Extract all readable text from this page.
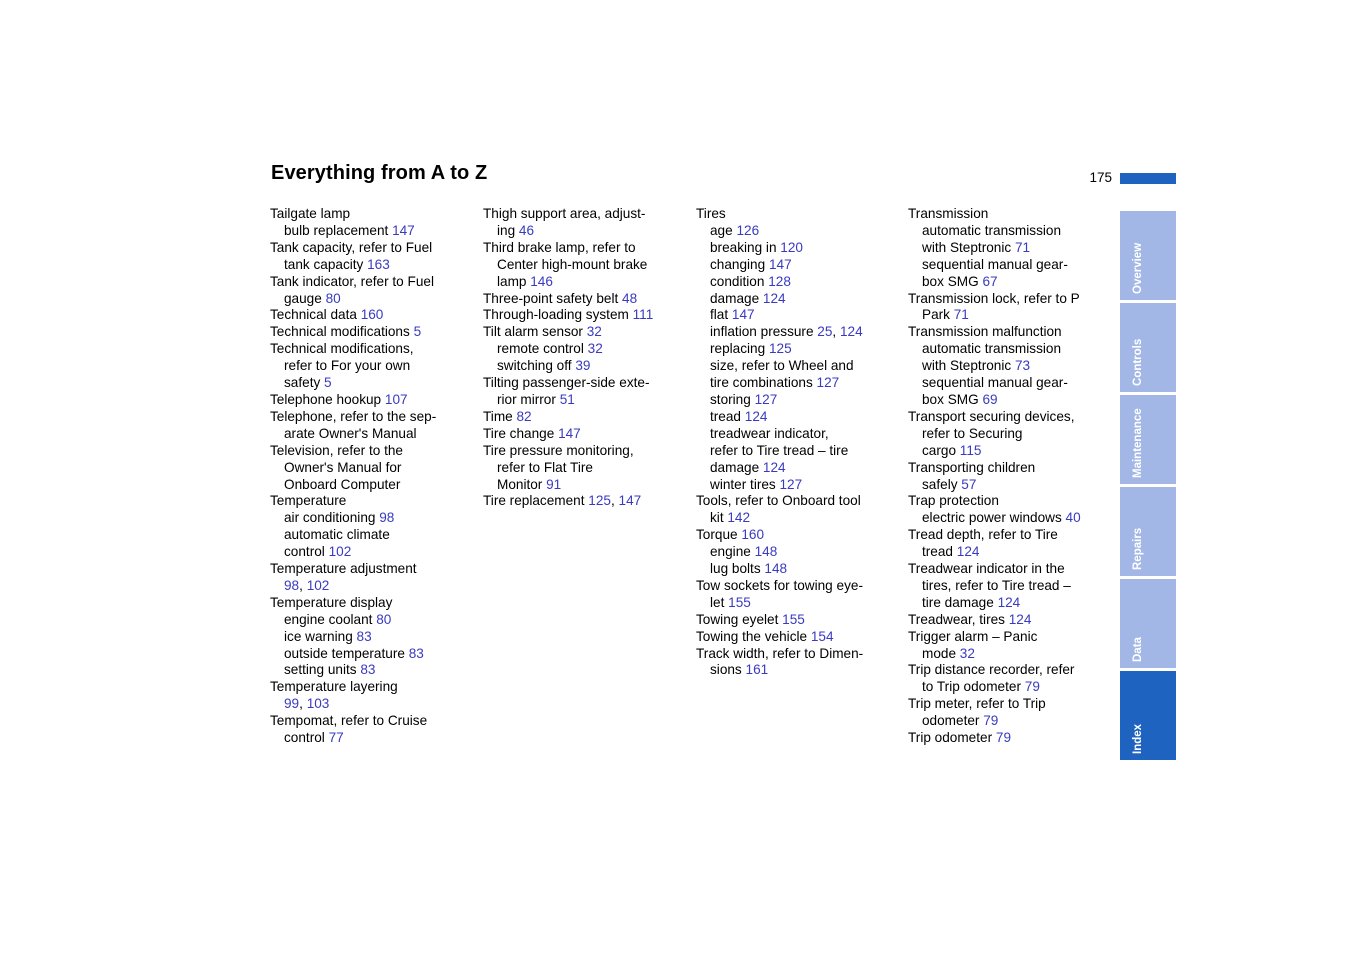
Everything from A to Z	175
Tailgate lamp
bulb replacement 147
Tank capacity, refer to Fuel
tank capacity 163
Tank indicator, refer to Fuel
gauge 80
Technical data 160
Technical modifications 5
Technical modifications,
refer to For your own
safety 5
Telephone hookup 107
Telephone, refer to the sep-
arate Owner's Manual
Television, refer to the
Owner's Manual for
Onboard Computer
Temperature
air conditioning 98
automatic climate
control 102
Temperature adjustment
98, 102
Temperature display
engine coolant 80
ice warning 83
outside temperature 83
setting units 83
Temperature layering
99, 103
Tempomat, refer to Cruise
control 77
Thigh support area, adjust-
ing 46
Third brake lamp, refer to
Center high-mount brake
lamp 146
Three-point safety belt 48
Through-loading system 111
Tilt alarm sensor 32
remote control 32
switching off 39
Tilting passenger-side exte-
rior mirror 51
Time 82
Tire change 147
Tire pressure monitoring,
refer to Flat Tire
Monitor 91
Tire replacement 125, 147
Tires
age 126
breaking in 120
changing 147
condition 128
damage 124
flat 147
inflation pressure 25, 124
replacing 125
size, refer to Wheel and
tire combinations 127
storing 127
tread 124
treadwear indicator,
refer to Tire tread – tire
damage 124
winter tires 127
Tools, refer to Onboard tool
kit 142
Torque 160
engine 148
lug bolts 148
Tow sockets for towing eye-
let 155
Towing eyelet 155
Towing the vehicle 154
Track width, refer to Dimen-
sions 161
Transmission
automatic transmission
with Steptronic 71
sequential manual gear-
box SMG 67
Transmission lock, refer to P
Park 71
Transmission malfunction
automatic transmission
with Steptronic 73
sequential manual gear-
box SMG 69
Transport securing devices,
refer to Securing
cargo 115
Transporting children
safely 57
Trap protection
electric power windows 40
Tread depth, refer to Tire
tread 124
Treadwear indicator in the
tires, refer to Tire tread –
tire damage 124
Treadwear, tires 124
Trigger alarm – Panic
mode 32
Trip distance recorder, refer
to Trip odometer 79
Trip meter, refer to Trip
odometer 79
Trip odometer 79
Overview
Controls
Maintenance
Repairs
Data
Index
